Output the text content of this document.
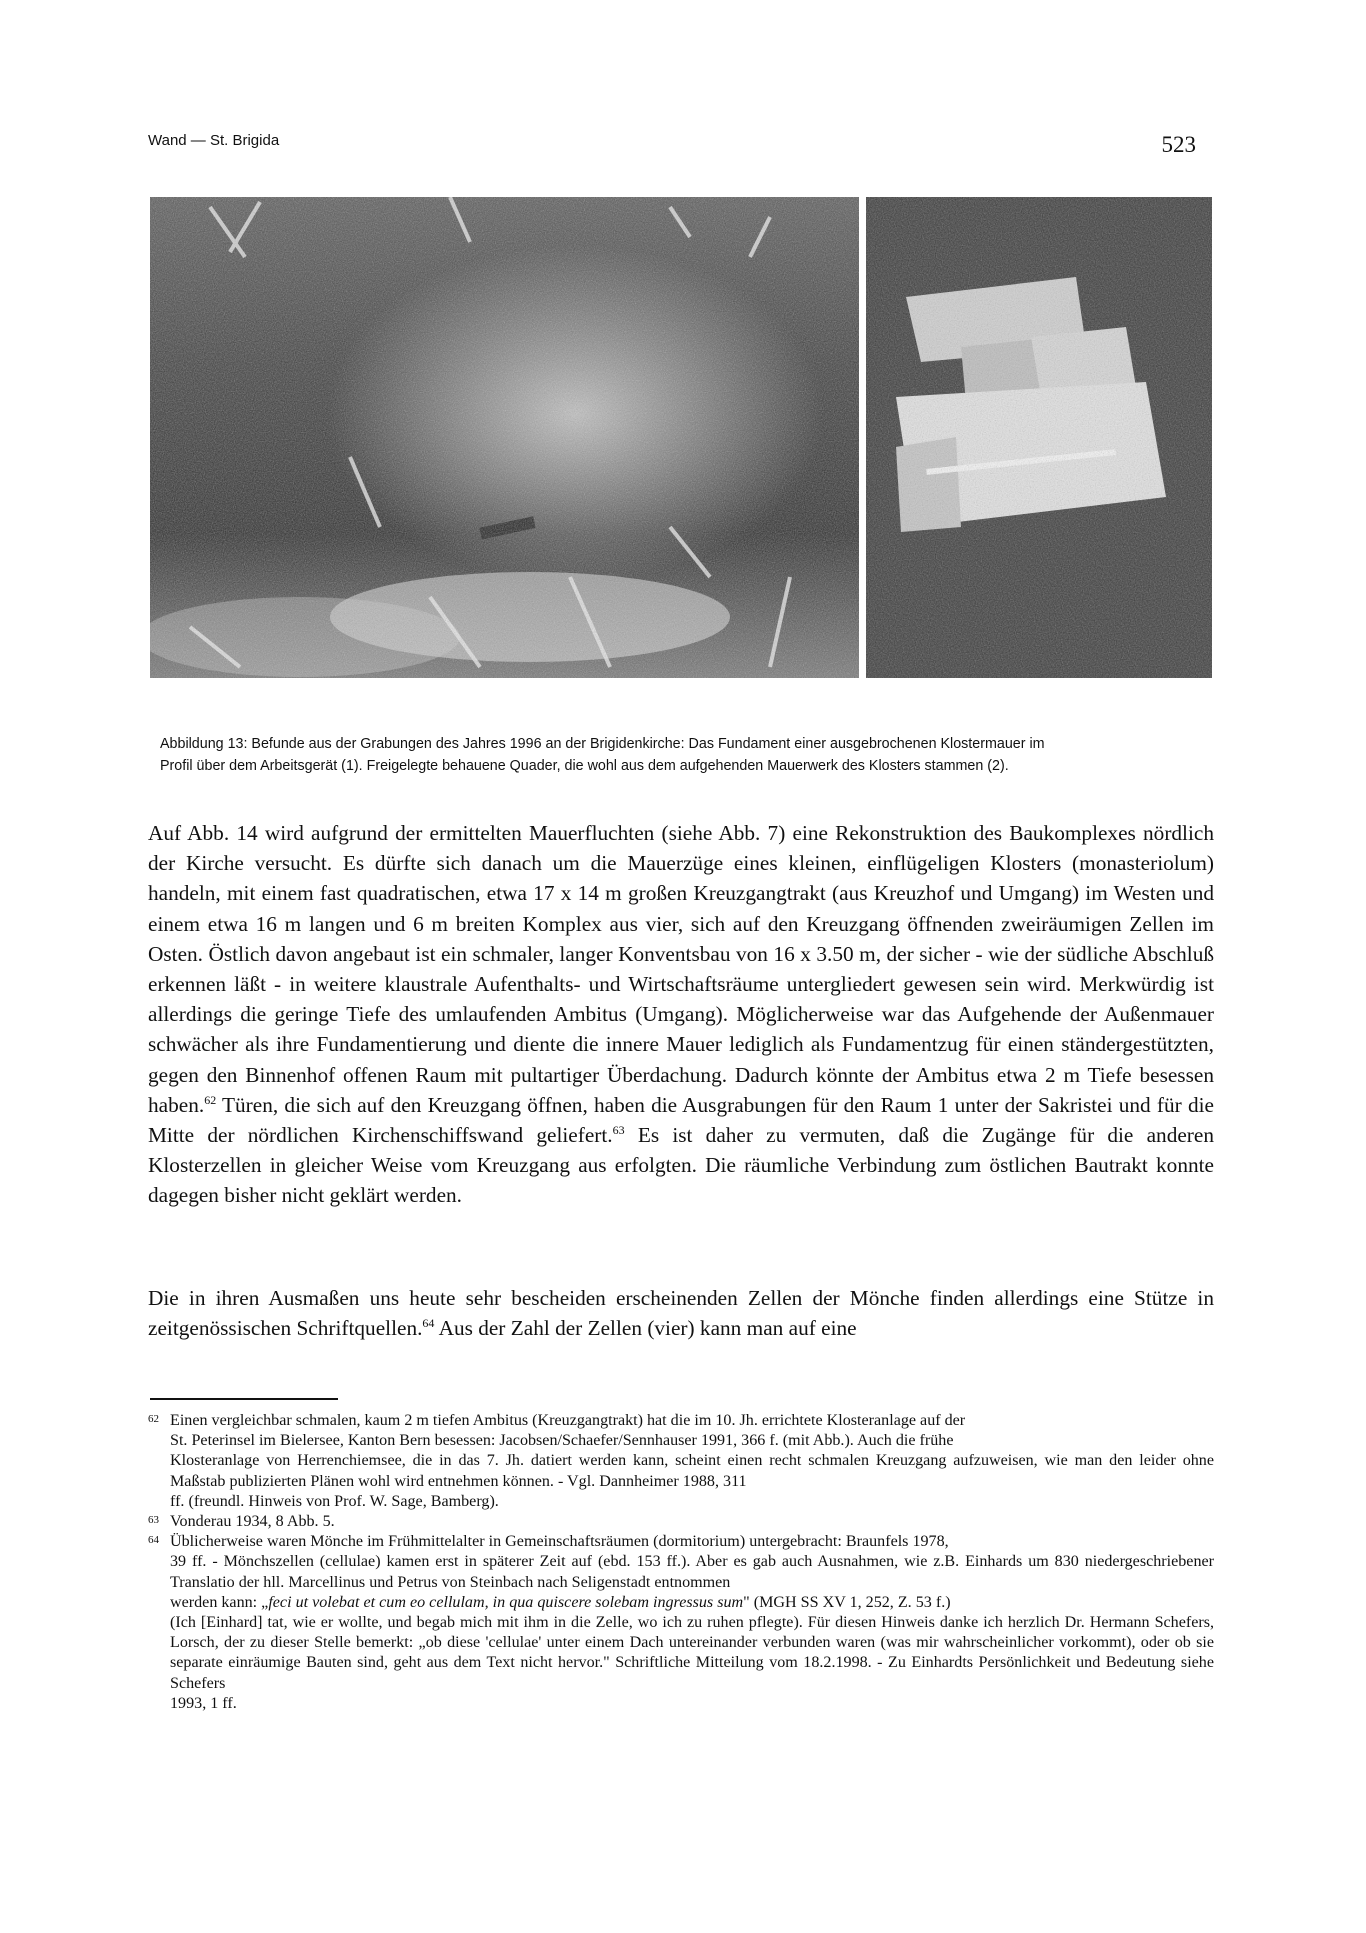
Wand — St. Brigida	523
Abbildung 13: Befunde aus der Grabungen des Jahres 1996 an der Brigidenkirche: Das Fundament einer ausgebrochenen Klostermauer im
Profil über dem Arbeitsgerät (1). Freigelegte behauene Quader, die wohl aus dem aufgehenden Mauerwerk des Klosters stammen (2).

Auf Abb. 14 wird aufgrund der ermittelten Mauerfluchten (siehe Abb. 7) eine Rekonstruktion des Baukomplexes nördlich der Kirche versucht. Es dürfte sich danach um die Mauerzüge eines kleinen, einflügeligen Klosters (monasteriolum) handeln, mit einem fast quadratischen, etwa 17 x 14 m großen Kreuzgangtrakt (aus Kreuzhof und Umgang) im Westen und einem etwa 16 m langen und 6 m breiten Komplex aus vier, sich auf den Kreuzgang öffnenden zweiräumigen Zellen im Osten. Östlich davon angebaut ist ein schmaler, langer Konventsbau von 16 x 3.50 m, der sicher - wie der südliche Abschluß erkennen läßt - in weitere klaustrale Aufenthalts- und Wirtschaftsräume untergliedert gewesen sein wird. Merkwürdig ist allerdings die geringe Tiefe des umlaufenden Ambitus (Umgang). Möglicherweise war das Aufgehende der Außenmauer schwächer als ihre Fundamentierung und diente die innere Mauer lediglich als Fundamentzug für einen ständergestützten, gegen den Binnenhof offenen Raum mit pultartiger Überdachung. Dadurch könnte der Ambitus etwa 2 m Tiefe besessen haben.$^{62}$ Türen, die sich auf den Kreuzgang öffnen, haben die Ausgrabungen für den Raum 1 unter der Sakristei und für die Mitte der nördlichen Kirchenschiffswand geliefert.$^{63}$ Es ist daher zu vermuten, daß die Zugänge für die anderen Klosterzellen in gleicher Weise vom Kreuzgang aus erfolgten. Die räumliche Verbindung zum östlichen Bautrakt konnte dagegen bisher nicht geklärt werden.

Die in ihren Ausmaßen uns heute sehr bescheiden erscheinenden Zellen der Mönche finden allerdings eine Stütze in zeitgenössischen Schriftquellen.$^{64}$ Aus der Zahl der Zellen (vier) kann man auf eine

62 Einen vergleichbar schmalen, kaum 2 m tiefen Ambitus (Kreuzgangtrakt) hat die im 10. Jh. errichtete Klosteranlage auf der
St. Peterinsel im Bielersee, Kanton Bern besessen: Jacobsen/Schaefer/Sennhauser 1991, 366 f. (mit Abb.). Auch die frühe
Klosteranlage von Herrenchiemsee, die in das 7. Jh. datiert werden kann, scheint einen recht schmalen Kreuzgang aufzuweisen, wie man den leider ohne Maßstab publizierten Plänen wohl wird entnehmen können. - Vgl. Dannheimer 1988, 311
ff. (freundl. Hinweis von Prof. W. Sage, Bamberg).
63 Vonderau 1934, 8 Abb. 5.
64 Üblicherweise waren Mönche im Frühmittelalter in Gemeinschaftsräumen (dormitorium) untergebracht: Braunfels 1978,
39 ff. - Mönchszellen (cellulae) kamen erst in späterer Zeit auf (ebd. 153 ff.). Aber es gab auch Ausnahmen, wie z.B. Einhards um 830 niedergeschriebener Translatio der hll. Marcellinus und Petrus von Steinbach nach Seligenstadt entnommen
werden kann: „feci ut volebat et cum eo cellulam, in qua quiscere solebam ingressus sum" (MGH SS XV 1, 252, Z. 53 f.)
(Ich [Einhard] tat, wie er wollte, und begab mich mit ihm in die Zelle, wo ich zu ruhen pflegte). Für diesen Hinweis danke ich herzlich Dr. Hermann Schefers, Lorsch, der zu dieser Stelle bemerkt: „ob diese 'cellulae' unter einem Dach untereinander verbunden waren (was mir wahrscheinlicher vorkommt), oder ob sie separate einräumige Bauten sind, geht aus dem Text nicht hervor." Schriftliche Mitteilung vom 18.2.1998. - Zu Einhardts Persönlichkeit und Bedeutung siehe Schefers
1993, 1 ff.
